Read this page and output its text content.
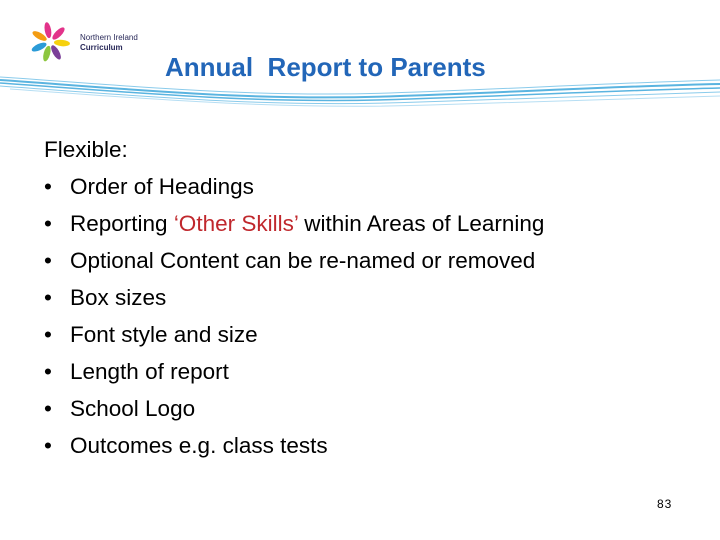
Northern Ireland
Curriculum
Annual  Report to Parents
Flexible:
• Order of Headings
• Reporting ‘Other Skills’ within Areas of Learning
• Optional Content can be re-named or removed
• Box sizes
• Font style and size
• Length of report
• School Logo
• Outcomes e.g. class tests
83
